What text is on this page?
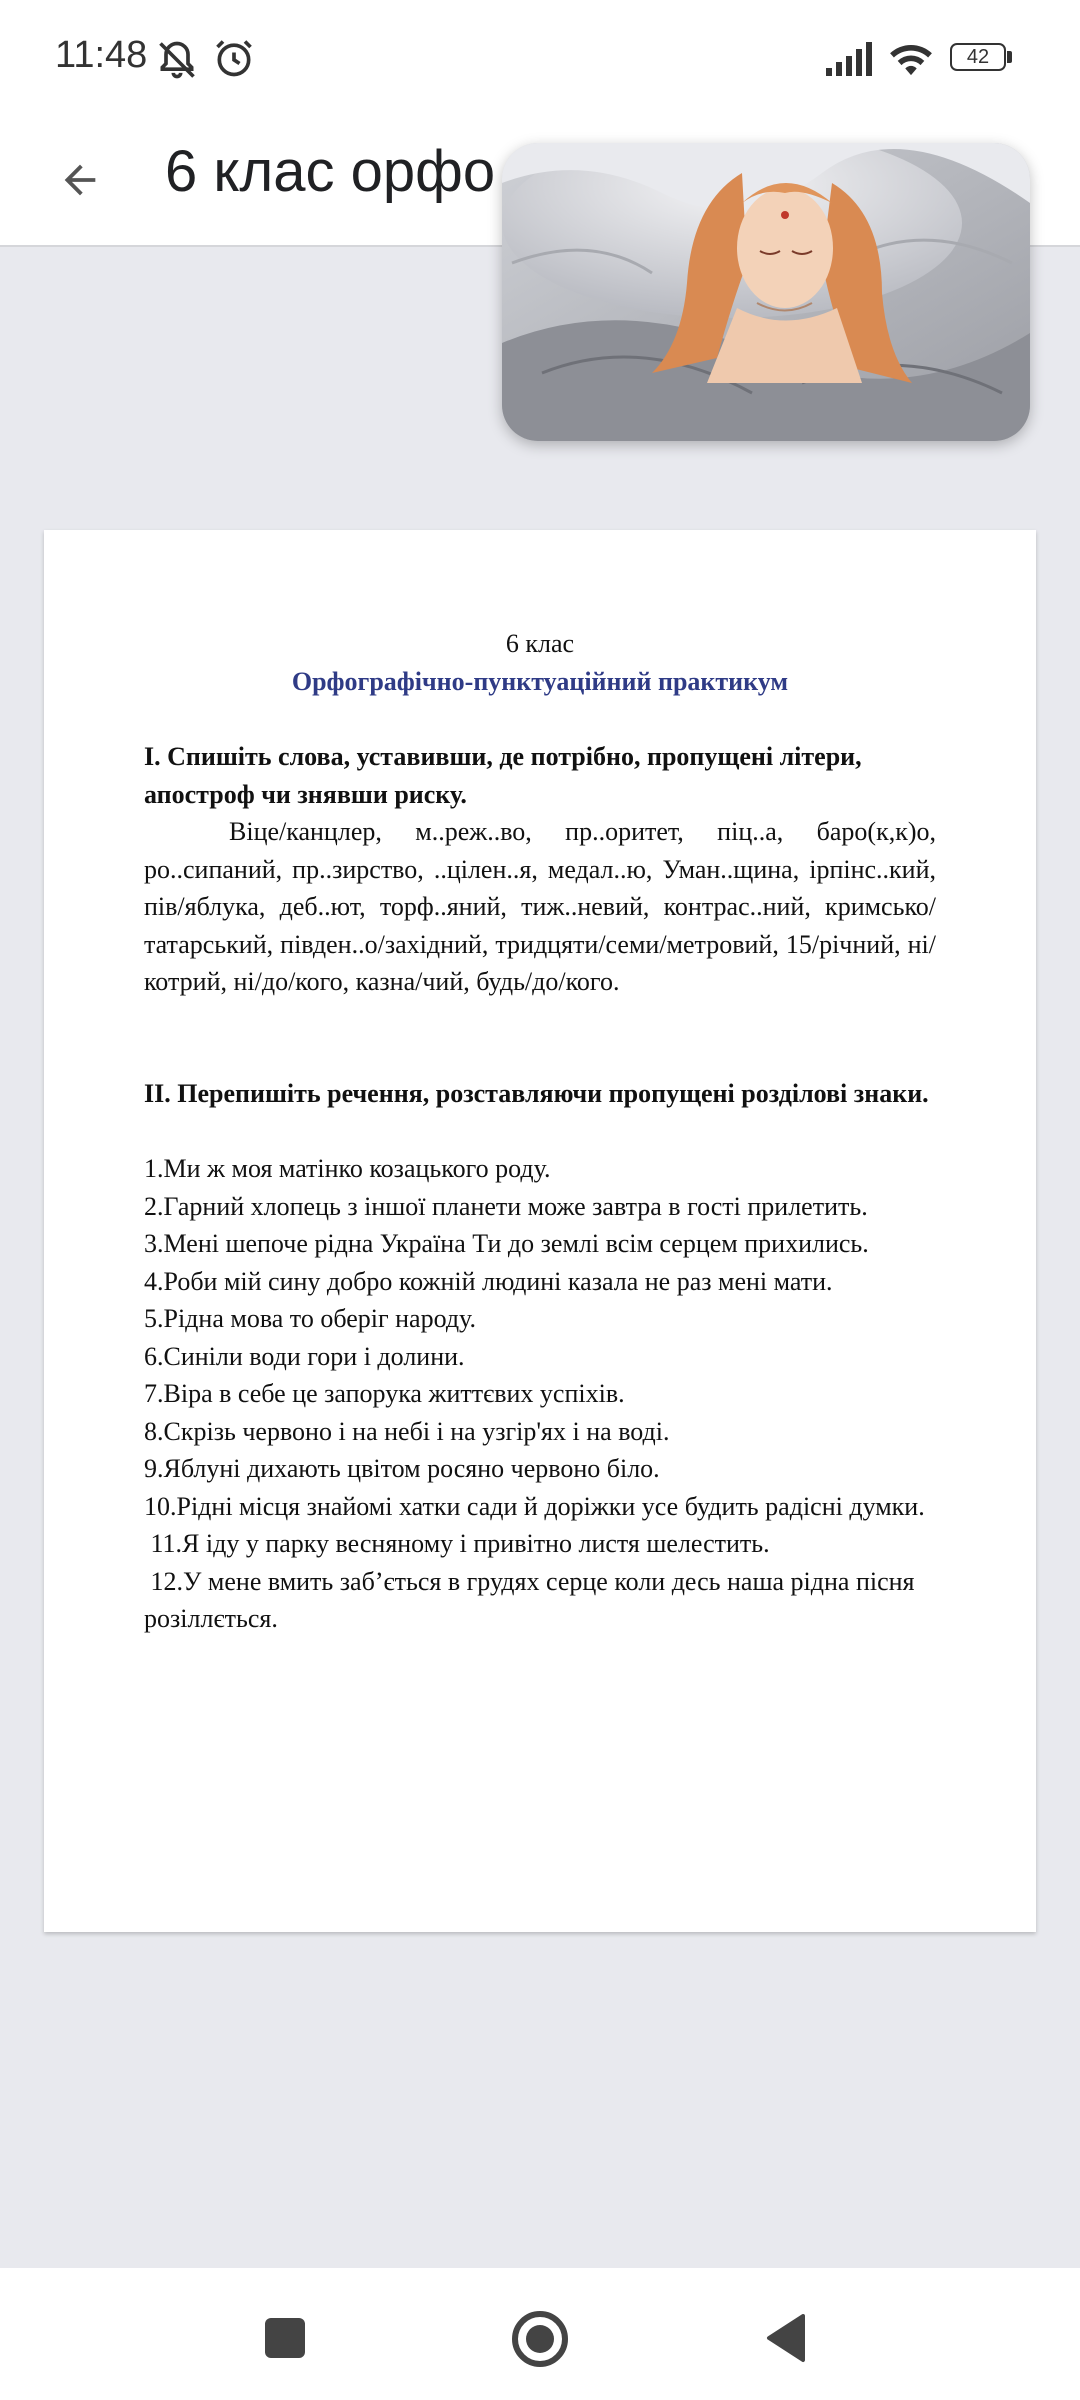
11:48	42
6 клас орфо
6 клас
Орфографічно-пунктуаційний практикум
І. Спишіть слова, уставивши, де потрібно, пропущені літери, апостроф чи знявши риску.
Віце/канцлер, м..реж..во, пр..оритет, піц..а, баро(к,к)о, ро..сипаний, пр..зирство, ..цілен..я, медал..ю, Уман..щина, ірпінс..кий, пів/яблука, деб..ют, торф..яний, тиж..невий, контрас..ний, кримсько/татарський, півден..о/західний, тридцяти/семи/метровий, 15/річний, ні/котрий, ні/до/кого, казна/чий, будь/до/кого.
ІІ. Перепишіть речення, розставляючи пропущені розділові знаки.
1.Ми ж моя матінко козацького роду.
2.Гарний хлопець з іншої планети може завтра в гості прилетить.
3.Мені шепоче рідна Україна Ти до землі всім серцем прихились.
4.Роби мій сину добро кожній людині казала не раз мені мати.
5.Рідна мова то оберіг народу.
6.Синіли води гори і долини.
7.Віра в себе це запорука життєвих успіхів.
8.Скрізь червоно і на небі і на узгір'ях і на воді.
9.Яблуні дихають цвітом росяно червоно біло.
10.Рідні місця знайомі хатки сади й доріжки усе будить радісні думки.
11.Я іду у парку весняному і привітно листя шелестить.
12.У мене вмить заб’ється в грудях серце коли десь наша рідна пісня розіллється.
